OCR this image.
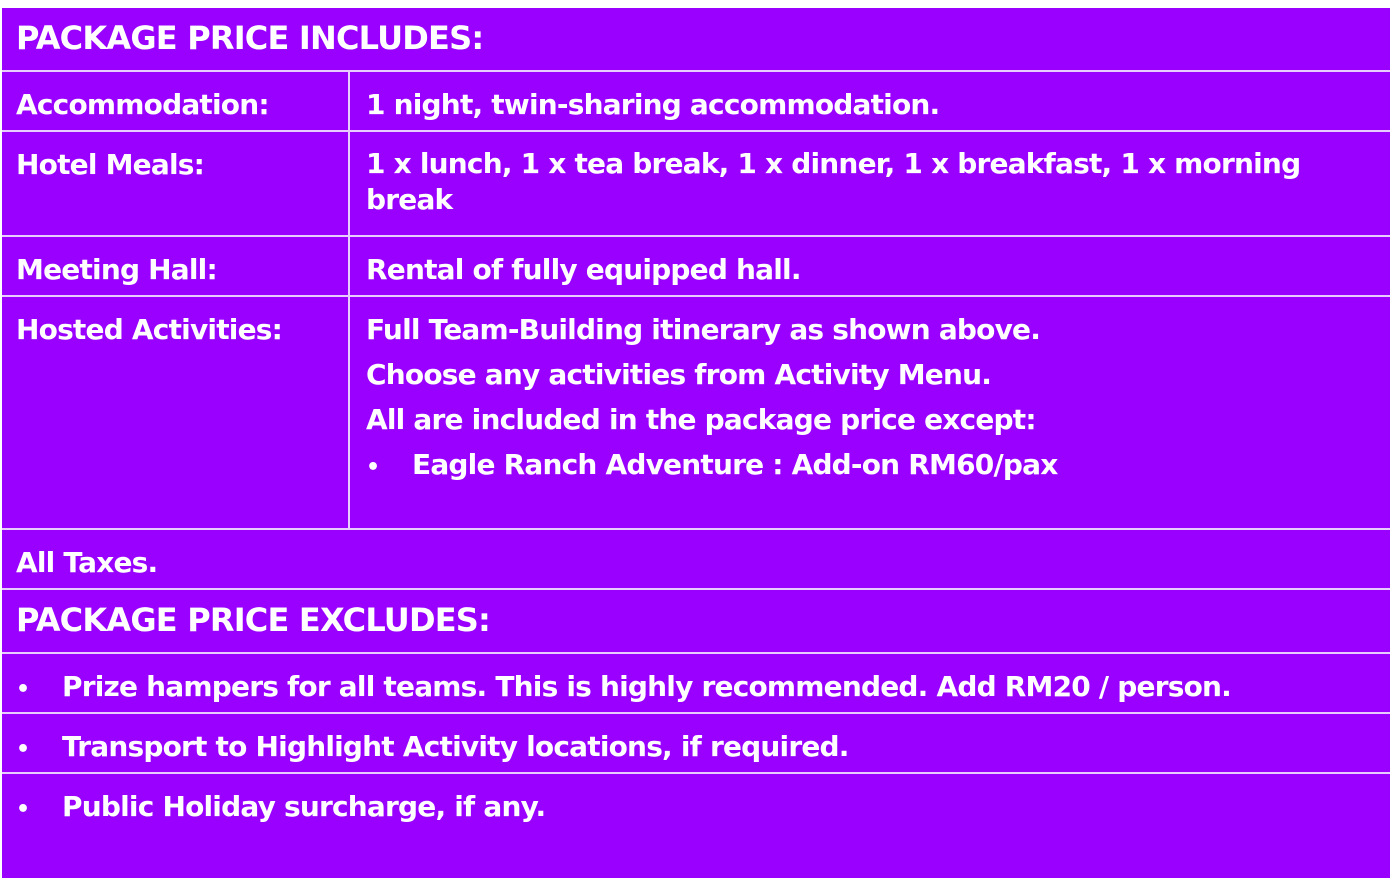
PACKAGE PRICE INCLUDES:
Accommodation:	1 night, twin-sharing accommodation.
Hotel Meals:	1 x lunch, 1 x tea break, 1 x dinner, 1 x breakfast, 1 x morning break
Meeting Hall:	Rental of fully equipped hall.
Hosted Activities:	Full Team-Building itinerary as shown above.
Choose any activities from Activity Menu.
All are included in the package price except:
• Eagle Ranch Adventure : Add-on RM60/pax
All Taxes.
PACKAGE PRICE EXCLUDES:
• Prize hampers for all teams. This is highly recommended. Add RM20 / person.
• Transport to Highlight Activity locations, if required.
• Public Holiday surcharge, if any.
